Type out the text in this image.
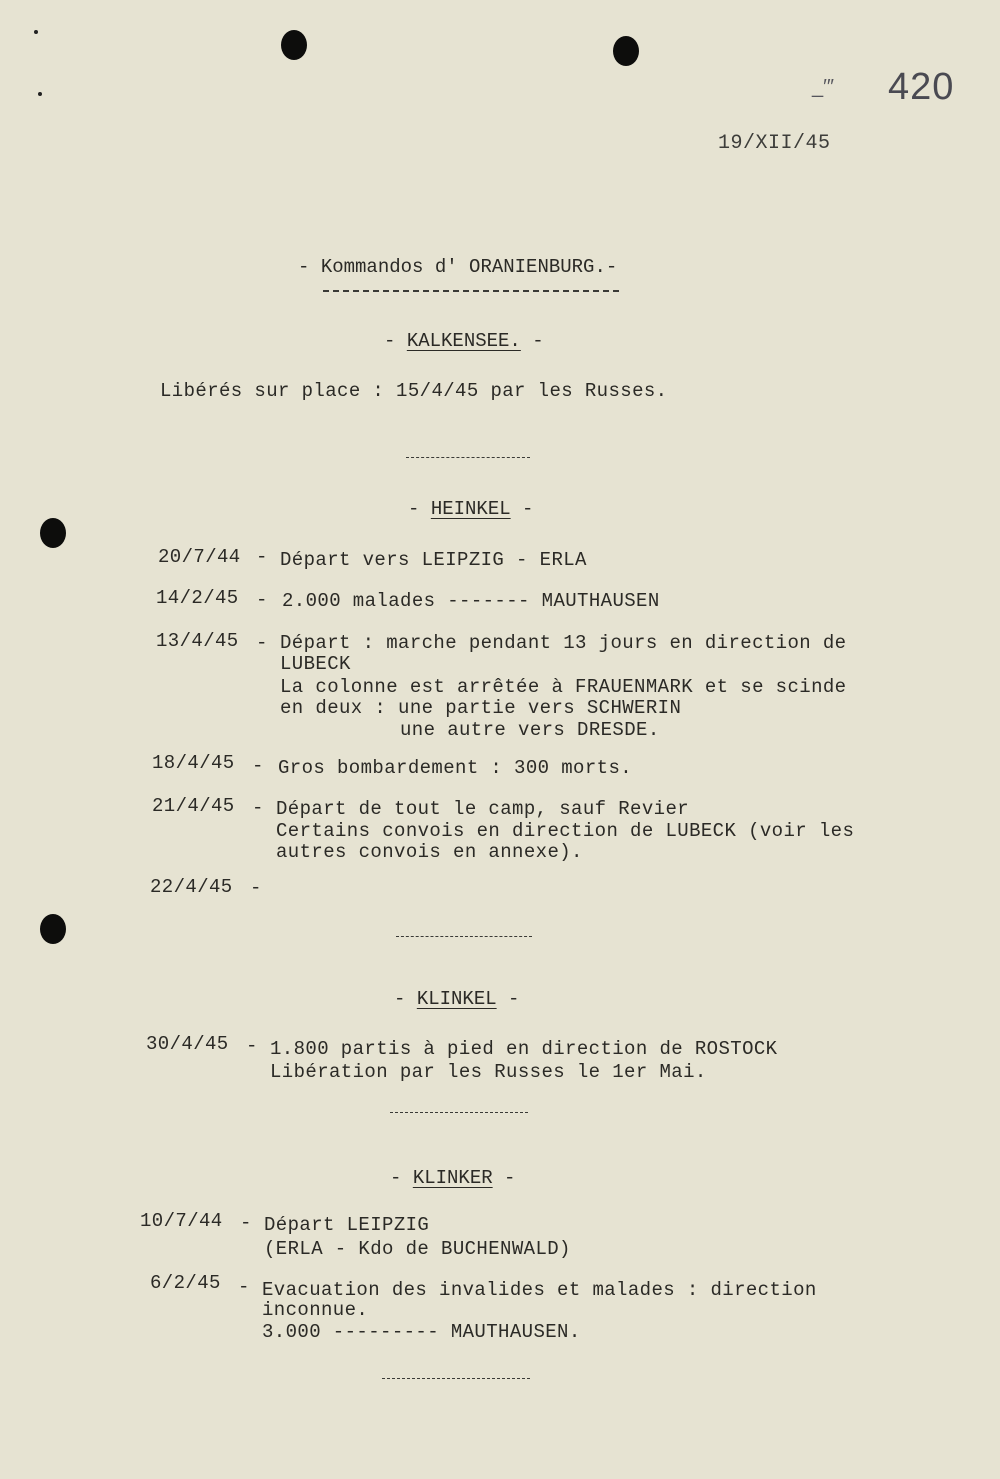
_′″ 420
19/XII/45
- Kommandos d' ORANIENBURG.-
- KALKENSEE. -
Libérés sur place : 15/4/45 par les Russes.
- HEINKEL -
20/7/44 - Départ vers LEIPZIG - ERLA
14/2/45 - 2.000 malades ------- MAUTHAUSEN
13/4/45 - Départ : marche pendant 13 jours en direction de
LUBECK
La colonne est arrêtée à FRAUENMARK et se scinde
en deux : une partie vers SCHWERIN
une autre vers DRESDE.
18/4/45 - Gros bombardement : 300 morts.
21/4/45 - Départ de tout le camp, sauf Revier
Certains convois en direction de LUBECK (voir les
autres convois en annexe).
22/4/45 -
- KLINKEL -
30/4/45 - 1.800 partis à pied en direction de ROSTOCK
Libération par les Russes le 1er Mai.
- KLINKER -
10/7/44 - Départ LEIPZIG
(ERLA - Kdo de BUCHENWALD)
6/2/45 - Evacuation des invalides et malades : direction
inconnue.
3.000 --------- MAUTHAUSEN.
